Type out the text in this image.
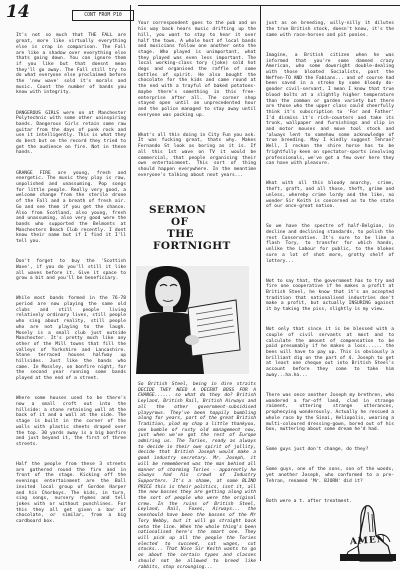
14	CONT FROM P10

It's not so much that THE FALL are great, more like virtually everything else is crap in comparison. The Fall are like a shadow over everything else thats going down. You can ignore them if you like but that doesnt mean they'll go away. The Fall still try to do what everyone else proclaimed before the 'new wave' sold it's morals and music. Count the number of bands you know with integrity.

DANGEROUS GIRLS were on at Manchester Polytechnic with some other uninspiring bands. Dangerous Girls retain some raw guitar from the days of punk rock and use it intelligently. This is what they do best but on the record they tried to get the audience on fire. Not in these hands.

GRANGE FIRE are young, fresh and energetic. The music they play is raw, unpolished and unassuming. Pop songs for little people. Really very good, a welcome change from the sterile drone of the Fall and a breath of fresh air. Go and see them if you get the chance. Also from Scotland, also young, fresh and unassuming, also very good were the bands who supported the Belmonts at Manchesters Beach Club recently. I dont know their name but if I find it I'll tell you.

Don't forget to buy the 'Scottish Wave', if you do you'll still it like all waves before it. Give it space to grow a bit and you'll be beneficiary.

While most bands formed in the 76-78 period are now playing the same old clubs and still people living relatively ordinary lives, still people who sing about reality, still people who are not playing to the laugh. Mosely is a small club just outside Manchester. It's pretty much like any other of the Mill towns that fill the valleys of Yorkshire and Lancashire. Stone terraced houses halfway up hillsides. Just like the bands who came. In Mossley, on bonfire night, for the second year running some bands played at the end of a street.

Where some houses used to be there's now a small croft out into the hillside: a stone retaining wall at the back of it and a wall at the side. The stage is built in the corner of the walls with plastic sheets draped over the top. 30 yards away is a big bonfire and just beyond it, the first of three streets.

Half the people from these 3 streets are gathered round the fire and in front of the stage. Kicking off the evenings entertainment are the Ball invited local group of Gordon Harper and his Chorboys. The kids, in turn, sing songs, nursery rhymes and tell jokes with or without punchlines. For this they all get given a bar of chocolate, or similar, from a big cardboard box.

Your correspondent goes to the pub and on his way back hears music drifting up the hill, you want to stay to hear it over half the town. A whole host of local bands and musicians follow one another onto the stage. Who played is unimportant, what they played was even less important. The local working-class tory (joke) sold hot dogs and organised the raffle of some bottles of spirit. He also bought the chocolate for the kids and came round at the end with a trayful of baked potatoes- maybe there's something in this free-enterprise after all. The corner shop stayed open until an unprecedented hour and the police managed to stay away until everyone was packing up.

What's all this doing in City Fun you ask. It was fucking great, thats why. Makes Fernando St look as boring as it is. If all this 1st wave on TV it would be commercial, that people organising their own entertainment. This sort of thing should happen everywhere. In the meantime everyone's talking about next years...

SERMON
OF
THE
FORTNIGHT
So British Steel, being in dire straits DECIDE THEY NEED A DECENT BOSS FOR A CHANGE...... so what do they do? British Leyland, British Rail, British Airways and all the other government-subsidised playyrows. They've been happily bumbling along for years, part of the great British Tradition, plod my chap a little thankyou, one bumble of rusty old management now, just when we've got the rest of Europe admiring us. The Tories, ready as always to decide in their own spirit of jollity, decide that British Joseph would make a good industry secretary. Mr. Joseph, it will be remembered was the man behind all manner of charming Tories - apparently he always had his crowd of Industry Supporters. It's a shame, at some BLIND PRICE this is their politics, isnt it, all the new bosses they are getting along with the sort of people who were the original crew. In the ruins of British Steel, Leyland, Rail, Foxes, Airways... the oneshould have been the bosses of the Mr Tory Nebby, but it will go straight back onto the line. When the whole thing's been nationalised here's the smart one. They will pick up all the people the Tories elected to succeed, cut wages, cut stocks... That Nice Sir Keith wants to go on about the certain types and classes should not be allowed to breed like rabbits, stop scrounging...

just as on breeding, willy-nilly it dilutes the true British stock, doesn't know, it's the same with race-horses and pit ponies.

Imagine, a British citizen when he was informed that you're some damned crazy American, who some downright double-dealing with those bloated Socialists, past the Neffen-TO AND the Fabians... and of course had been saved in a stroke by some bloody do-gooder civil-servant, I mean I know that true blood bolts at a slightly higher temperature than the common or garden variety but there are those who the upper class could cheerfully think it's subscription to 'For and Father' I'd dismiss it's rich-counters and take its trunk, wallpaper and furnishings and slip in and motor mouses and move tool stock and 'always lent to somehow some acknowledge of true breeding. May I kindly suggest Tehran? Well, I reckon the shire horse has to be frightfully keen on spectator-sports involving professionals, we've got a few over here they can have with pleasure.

What with all this bloody anarchy, crime, theft, graft, and all those, theft, grime and unless, whereby crime lordy and the like, no wonder Sir Keith is concerned as to the state of our once-great nation.

So we have the spectre of half-Belgian, in decline and declining standards, to polish the rest Conservative. It's sure to be like a flash Tory, to transfer for which hands, unlike the Labour for public, to the blokes sure a lot of shot more, grotty shelf of lottery...

Not to say that, the government has to try and fire one cooperative if he makes a profit at British Steel, he know that it's an accepted tradition that nationalised industries don't make a profit, but actually INSURING against it by taking the piss, slightly is my view.

Not only that since it is be blessed with a couple of civil servants at most and to calculate the amount of compensation to be paid presumably if he makes a loss...... the bees will have to pay up. This is obviously a brilliant dig on the part of 4. Joseph to get at least one cheque out into British Steel's account before they come to take him away...ha.ha...

There was once another Joseph my brethren, who wandered a far-off land, clad in strange raiment, uttering strange utterances, prophecying wonderously. Actually he rescued a whole race by the Sinai, Heliopolis, wearing a multi-coloured dressing-gown, bored out of his box, muttering about some dream he'd had.

Some guys just don't change, do they?

Some guys, one of the sons, son of the woods, yet another Joseph, who conformed to a pre- Tehran, renamed 'Mr. BJORN' did it?

Both were a t. after treatment.

AMEN
